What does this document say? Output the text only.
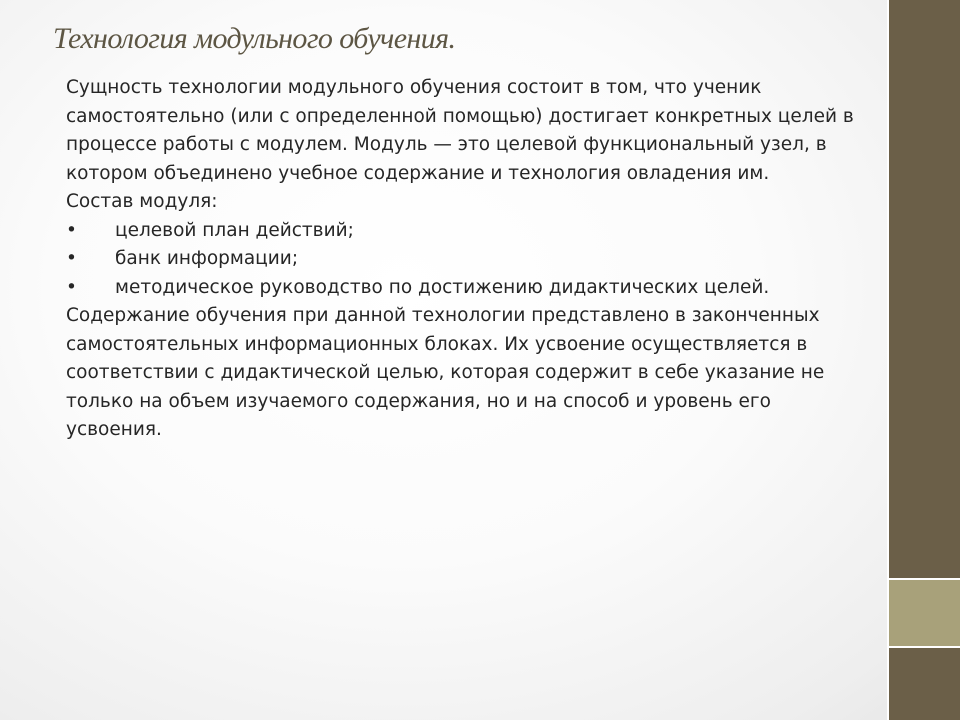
Технология модульного обучения.

Сущность технологии модульного обучения состоит в том, что ученик самостоятельно (или с определенной помощью) достигает конкретных целей в процессе работы с модулем. Модуль — это целевой функциональный узел, в котором объединено учебное содержание и технология овладения им.

Состав модуля:

• целевой план действий;
• банк информации;
• методическое руководство по достижению дидактических целей.

Содержание обучения при данной технологии представлено в законченных самостоятельных информационных блоках. Их усвоение осуществляется в соответствии с дидактической целью, которая содержит в себе указание не только на объем изучаемого содержания, но и на способ и уровень его усвоения.
